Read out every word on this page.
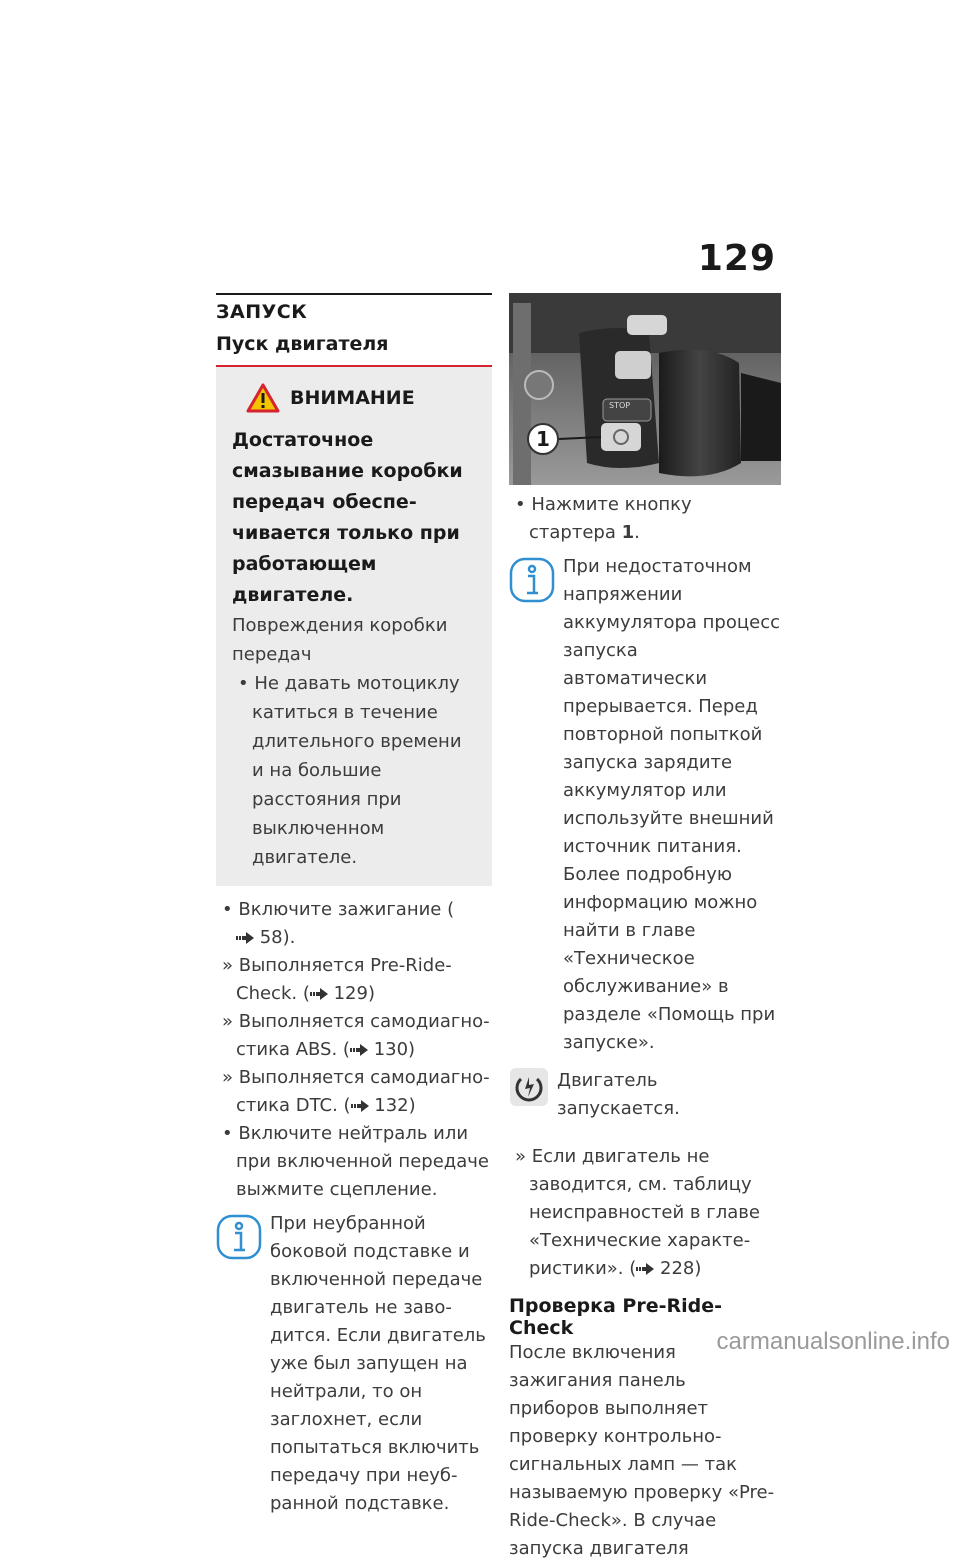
129
ЗАПУСК
Пуск двигателя
ВНИМАНИЕ
Достаточное смазывание коробки передач обеспечивается только при работающем двигателе.
Повреждения коробки передач
• Не давать мотоциклу катиться в течение длительного времени и на большие расстояния при выключенном двигателе.
• Включите зажигание ( 58).
» Выполняется Pre-Ride-Check. ( 129)
» Выполняется самодиагностика ABS. ( 130)
» Выполняется самодиагностика DTC. ( 132)
• Включите нейтраль или при включенной передаче выжмите сцепление.
При неубранной боковой подставке и включенной передаче двигатель не заводится. Если двигатель уже был запущен на нейтрали, то он заглохнет, если попытаться включить передачу при неубранной подставке.
STOP
1
• Нажмите кнопку стартера 1.
При недостаточном напряжении аккумулятора процесс запуска автоматически прерывается. Перед повторной попыткой запуска зарядите аккумулятор или используйте внешний источник питания. Более подробную информацию можно найти в главе «Техническое обслуживание» в разделе «Помощь при запуске».
Двигатель запускается.
» Если двигатель не заводится, см. таблицу неисправностей в главе «Технические характеристики». ( 228)
Проверка Pre-Ride-Check
После включения зажигания панель приборов выполняет проверку контрольно-сигнальных ламп — так называемую проверку «Pre-Ride-Check». В случае запуска двигателя
carmanualsonline.info
